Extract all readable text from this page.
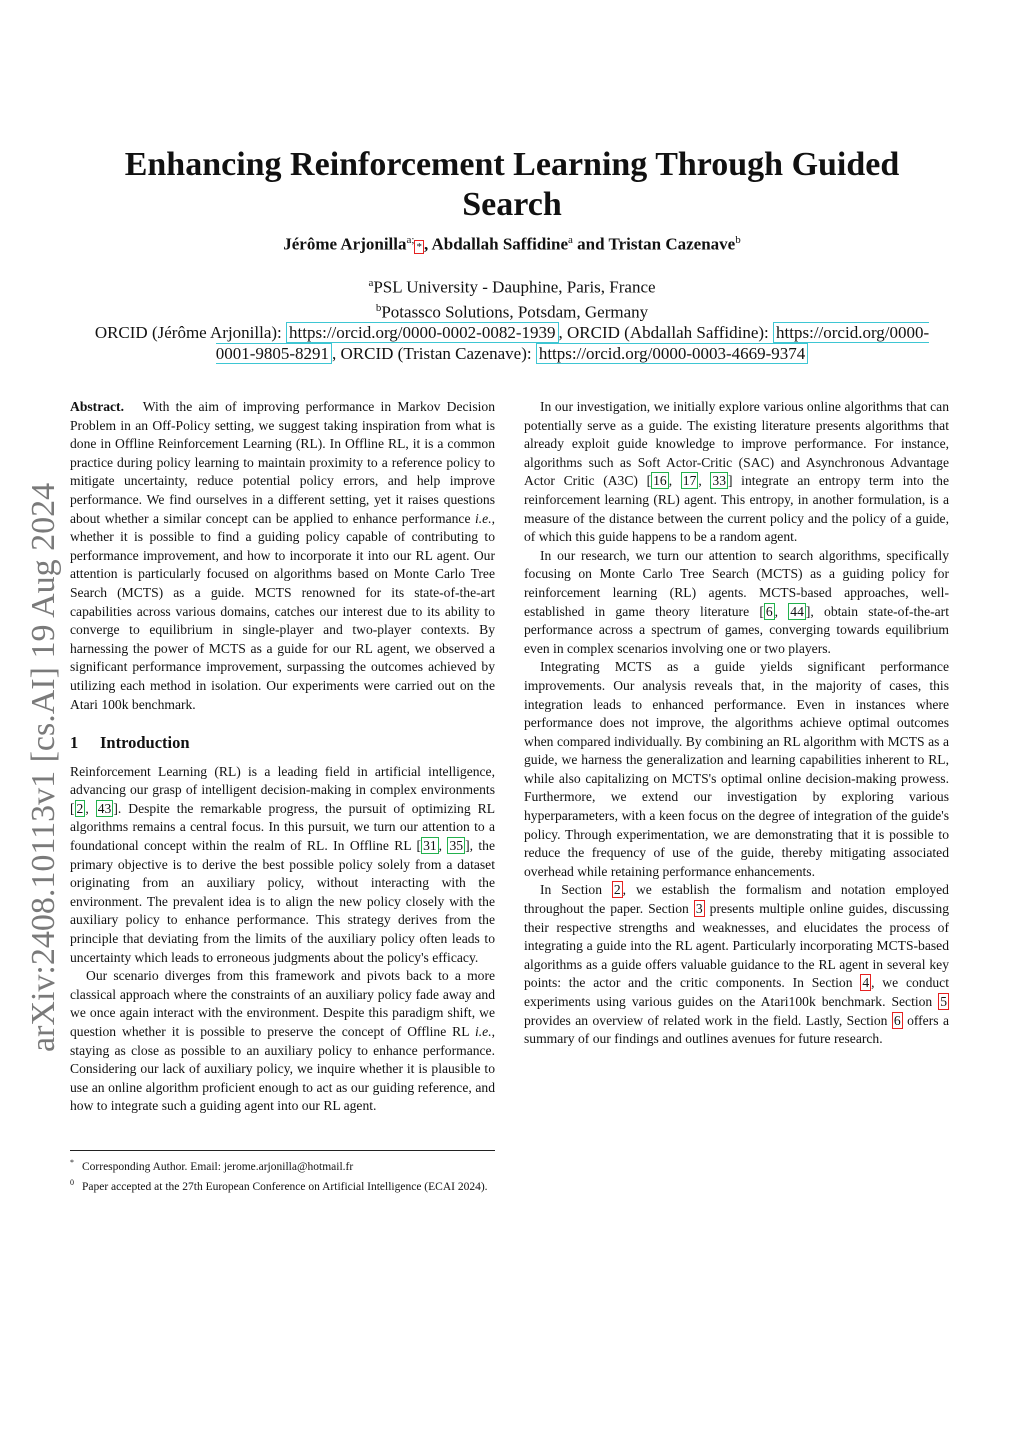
arXiv:2408.10113v1 [cs.AI] 19 Aug 2024
Enhancing Reinforcement Learning Through Guided Search
Jérôme Arjonilla$^{a;}$* , Abdallah Saffidine$^a$ and Tristan Cazenave$^b$
$^a$PSL University - Dauphine, Paris, France
$^b$Potassco Solutions, Potsdam, Germany
ORCID (Jérôme Arjonilla): https://orcid.org/0000-0002-0082-1939 , ORCID (Abdallah Saffidine): https://orcid.org/0000-0001-9805-8291 , ORCID (Tristan Cazenave): https://orcid.org/0000-0003-4669-9374

Abstract. With the aim of improving performance in Markov Decision Problem in an Off-Policy setting, we suggest taking inspiration from what is done in Offline Reinforcement Learning (RL). In Offline RL, it is a common practice during policy learning to maintain proximity to a reference policy to mitigate uncertainty, reduce potential policy errors, and help improve performance. We find ourselves in a different setting, yet it raises questions about whether a similar concept can be applied to enhance performance i.e., whether it is possible to find a guiding policy capable of contributing to performance improvement, and how to incorporate it into our RL agent. Our attention is particularly focused on algorithms based on Monte Carlo Tree Search (MCTS) as a guide. MCTS renowned for its state-of-the-art capabilities across various domains, catches our interest due to its ability to converge to equilibrium in single-player and two-player contexts. By harnessing the power of MCTS as a guide for our RL agent, we observed a significant performance improvement, surpassing the outcomes achieved by utilizing each method in isolation. Our experiments were carried out on the Atari 100k benchmark.

1 Introduction

Reinforcement Learning (RL) is a leading field in artificial intelligence, advancing our grasp of intelligent decision-making in complex environments [ 2 , 43 ]. Despite the remarkable progress, the pursuit of optimizing RL algorithms remains a central focus. In this pursuit, we turn our attention to a foundational concept within the realm of RL. In Offline RL [ 31 , 35 ], the primary objective is to derive the best possible policy solely from a dataset originating from an auxiliary policy, without interacting with the environment. The prevalent idea is to align the new policy closely with the auxiliary policy to enhance performance. This strategy derives from the principle that deviating from the limits of the auxiliary policy often leads to uncertainty which leads to erroneous judgments about the policy's efficacy.

Our scenario diverges from this framework and pivots back to a more classical approach where the constraints of an auxiliary policy fade away and we once again interact with the environment. Despite this paradigm shift, we question whether it is possible to preserve the concept of Offline RL i.e., staying as close as possible to an auxiliary policy to enhance performance. Considering our lack of auxiliary policy, we inquire whether it is plausible to use an online algorithm proficient enough to act as our guiding reference, and how to integrate such a guiding agent into our RL agent.

In our investigation, we initially explore various online algorithms that can potentially serve as a guide. The existing literature presents algorithms that already exploit guide knowledge to improve performance. For instance, algorithms such as Soft Actor-Critic (SAC) and Asynchronous Advantage Actor Critic (A3C) [ 16 , 17 , 33 ] integrate an entropy term into the reinforcement learning (RL) agent. This entropy, in another formulation, is a measure of the distance between the current policy and the policy of a guide, of which this guide happens to be a random agent.

In our research, we turn our attention to search algorithms, specifically focusing on Monte Carlo Tree Search (MCTS) as a guiding policy for reinforcement learning (RL) agents. MCTS-based approaches, well-established in game theory literature [ 6 , 44 ], obtain state-of-the-art performance across a spectrum of games, converging towards equilibrium even in complex scenarios involving one or two players.

Integrating MCTS as a guide yields significant performance improvements. Our analysis reveals that, in the majority of cases, this integration leads to enhanced performance. Even in instances where performance does not improve, the algorithms achieve optimal outcomes when compared individually. By combining an RL algorithm with MCTS as a guide, we harness the generalization and learning capabilities inherent to RL, while also capitalizing on MCTS's optimal online decision-making prowess. Furthermore, we extend our investigation by exploring various hyperparameters, with a keen focus on the degree of integration of the guide's policy. Through experimentation, we are demonstrating that it is possible to reduce the frequency of use of the guide, thereby mitigating associated overhead while retaining performance enhancements.

In Section 2 , we establish the formalism and notation employed throughout the paper. Section 3 presents multiple online guides, discussing their respective strengths and weaknesses, and elucidates the process of integrating a guide into the RL agent. Particularly incorporating MCTS-based algorithms as a guide offers valuable guidance to the RL agent in several key points: the actor and the critic components. In Section 4 , we conduct experiments using various guides on the Atari100k benchmark. Section 5 provides an overview of related work in the field. Lastly, Section 6 offers a summary of our findings and outlines avenues for future research.

* Corresponding Author. Email: jerome.arjonilla@hotmail.fr
$^0$ Paper accepted at the 27th European Conference on Artificial Intelligence (ECAI 2024).
